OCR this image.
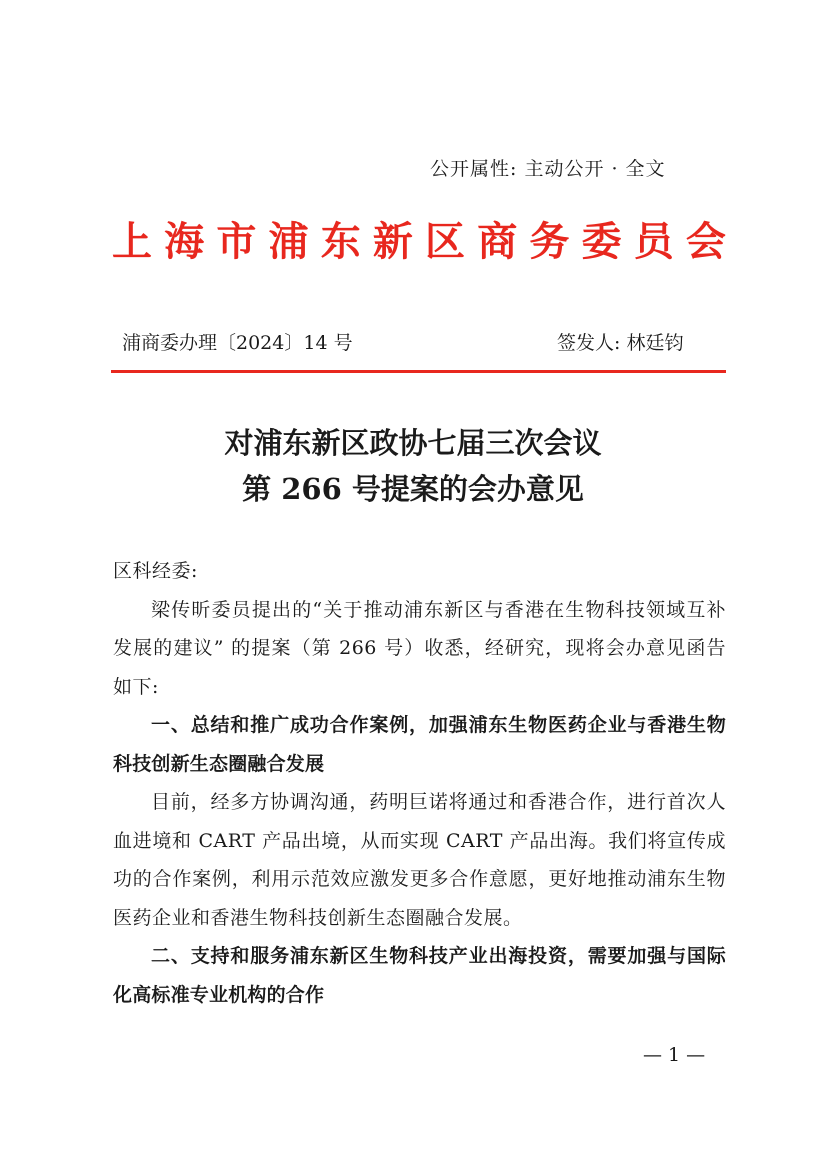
公开属性: 主动公开 · 全文
上 海 市 浦 东 新 区 商 务 委 员 会
浦商委办理〔2024〕14 号	签发人: 林廷钧
对浦东新区政协七届三次会议
第 266 号提案的会办意见

区科经委:

梁传昕委员提出的“关于推动浦东新区与香港在生物科技领域互补发展的建议” 的提案（第 266 号）收悉，经研究，现将会办意见函告如下:

一、总结和推广成功合作案例，加强浦东生物医药企业与香港生物科技创新生态圈融合发展

目前，经多方协调沟通，药明巨诺将通过和香港合作，进行首次人血进境和 CART 产品出境，从而实现 CART 产品出海。我们将宣传成功的合作案例，利用示范效应激发更多合作意愿，更好地推动浦东生物医药企业和香港生物科技创新生态圈融合发展。

二、支持和服务浦东新区生物科技产业出海投资，需要加强与国际化高标准专业机构的合作

— 1 —
